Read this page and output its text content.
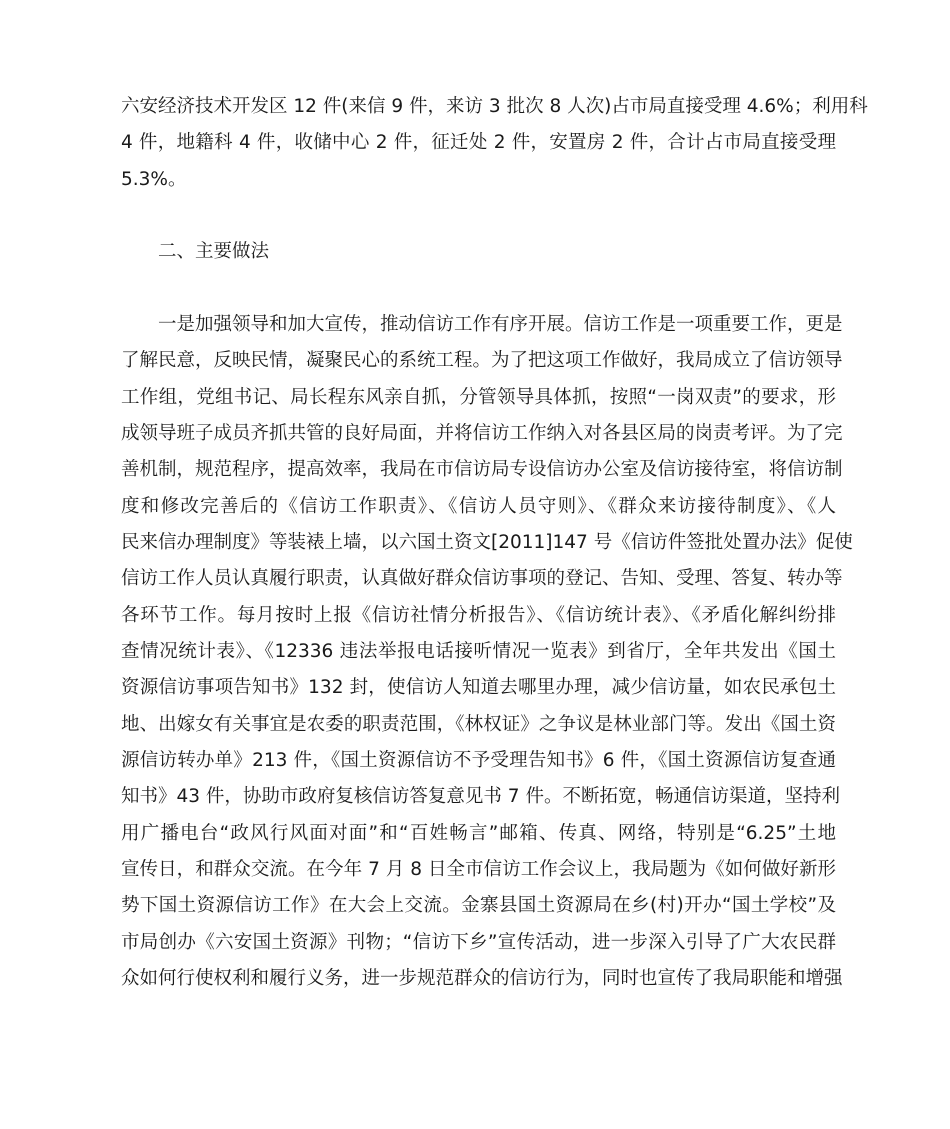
六安经济技术开发区 12 件(来信 9 件，来访 3 批次 8 人次)占市局直接受理 4.6%；利用科
4 件，地籍科 4 件，收储中心 2 件，征迁处 2 件，安置房 2 件，合计占市局直接受理
5.3%。
二、主要做法
一是加强领导和加大宣传，推动信访工作有序开展。信访工作是一项重要工作，更是
了解民意，反映民情，凝聚民心的系统工程。为了把这项工作做好，我局成立了信访领导
工作组，党组书记、局长程东风亲自抓，分管领导具体抓，按照“一岗双责”的要求，形
成领导班子成员齐抓共管的良好局面，并将信访工作纳入对各县区局的岗责考评。为了完
善机制，规范程序，提高效率，我局在市信访局专设信访办公室及信访接待室，将信访制
度和修改完善后的《信访工作职责》、《信访人员守则》、《群众来访接待制度》、《人
民来信办理制度》等装裱上墙，以六国土资文[2011]147 号《信访件签批处置办法》促使
信访工作人员认真履行职责，认真做好群众信访事项的登记、告知、受理、答复、转办等
各环节工作。每月按时上报《信访社情分析报告》、《信访统计表》、《矛盾化解纠纷排
查情况统计表》、《12336 违法举报电话接听情况一览表》到省厅，全年共发出《国土
资源信访事项告知书》132 封，使信访人知道去哪里办理，减少信访量，如农民承包土
地、出嫁女有关事宜是农委的职责范围，《林权证》之争议是林业部门等。发出《国土资
源信访转办单》213 件，《国土资源信访不予受理告知书》6 件，《国土资源信访复查通
知书》43 件，协助市政府复核信访答复意见书 7 件。不断拓宽，畅通信访渠道，坚持利
用广播电台“政风行风面对面”和“百姓畅言”邮箱、传真、网络，特别是“6.25”土地
宣传日，和群众交流。在今年 7 月 8 日全市信访工作会议上，我局题为《如何做好新形
势下国土资源信访工作》在大会上交流。金寨县国土资源局在乡(村)开办“国土学校”及
市局创办《六安国土资源》刊物；“信访下乡”宣传活动，进一步深入引导了广大农民群
众如何行使权利和履行义务，进一步规范群众的信访行为，同时也宣传了我局职能和增强
